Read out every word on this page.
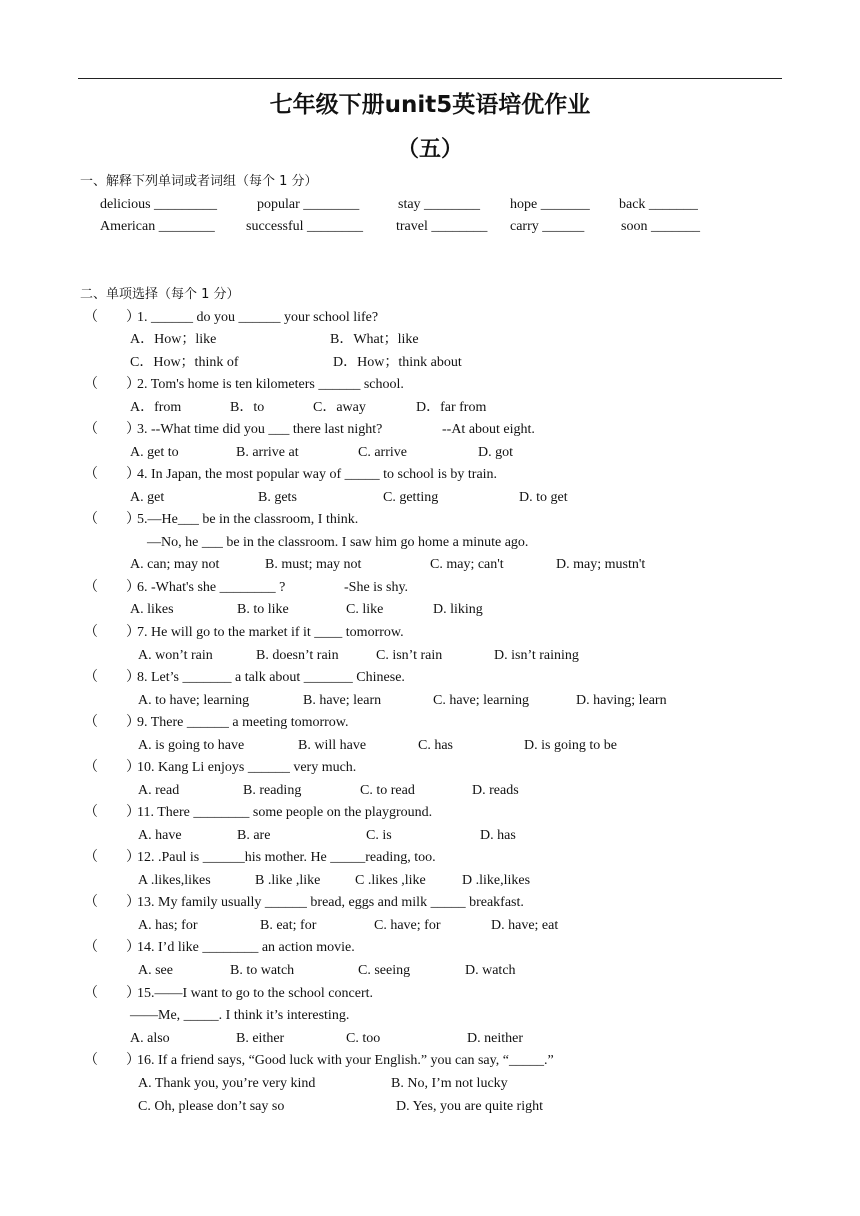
七年级下册unit5英语培优作业
（五）
一、解释下列单词或者词组（每个 1 分）
delicious _________	popular ________	stay ________ hope _______ back _______
American ________ successful ________ travel ________ carry ______	soon _______
二、单项选择（每个 1 分）
（        ）
1. ______ do you ______ your school life?
A．How；like	B．What；like
C．How；think of	D．How；think about
（        ）
2. Tom's home is ten kilometers ______ school.
A．from	B．to	C．away	D．far from
（        ）
3. --What time did you ___ there last night?	--At about eight.
A. get to	B. arrive at	C. arrive	D. got
（        ）
4. In Japan, the most popular way of _____ to school is by train.
A. get	B. gets	C. getting	D. to get
（        ）
5.—He___ be in the classroom, I think.
—No, he ___ be in the classroom. I saw him go home a minute ago.
A. can; may not	B. must; may not	C. may; can't	D. may; mustn't
（        ）
6. -What's she ________ ?	-She is shy.
A. likes	B. to like	C. like	D. liking
（        ）
7. He will go to the market if it ____ tomorrow.
A. won’t rain	B. doesn’t rain	C. isn’t rain	D. isn’t raining
（        ）
8. Let’s _______ a talk about _______ Chinese.
A. to have; learning	B. have; learn	C. have; learning	D. having; learn
（        ）
9. There ______ a meeting tomorrow.
A. is going to have	B. will have	C. has	D. is going to be
（        ）
10. Kang Li enjoys ______ very much.
A. read	B. reading	C. to read	D. reads
（        ）
11. There ________ some people on the playground.
A. have	B. are	C. is	D. has
（        ）
12. .Paul is ______his mother. He _____reading, too.
A .likes,likes	B .like ,like C .likes ,like	D .like,likes
（        ）
13. My family usually ______ bread, eggs and milk _____ breakfast.
A. has; for	B. eat; for	C. have; for	D. have; eat
（        ）
14. I’d like ________ an action movie.
A. see	B. to watch	C. seeing	D. watch
（        ）
15.——I want to go to the school concert.
——Me, _____. I think it’s interesting.
A. also	B. either	C. too	D. neither
（        ）
16. If a friend says, “Good luck with your English.” you can say, “_____.”
A. Thank you, you’re very kind	B. No, I’m not lucky
C. Oh, please don’t say so	D. Yes, you are quite right
